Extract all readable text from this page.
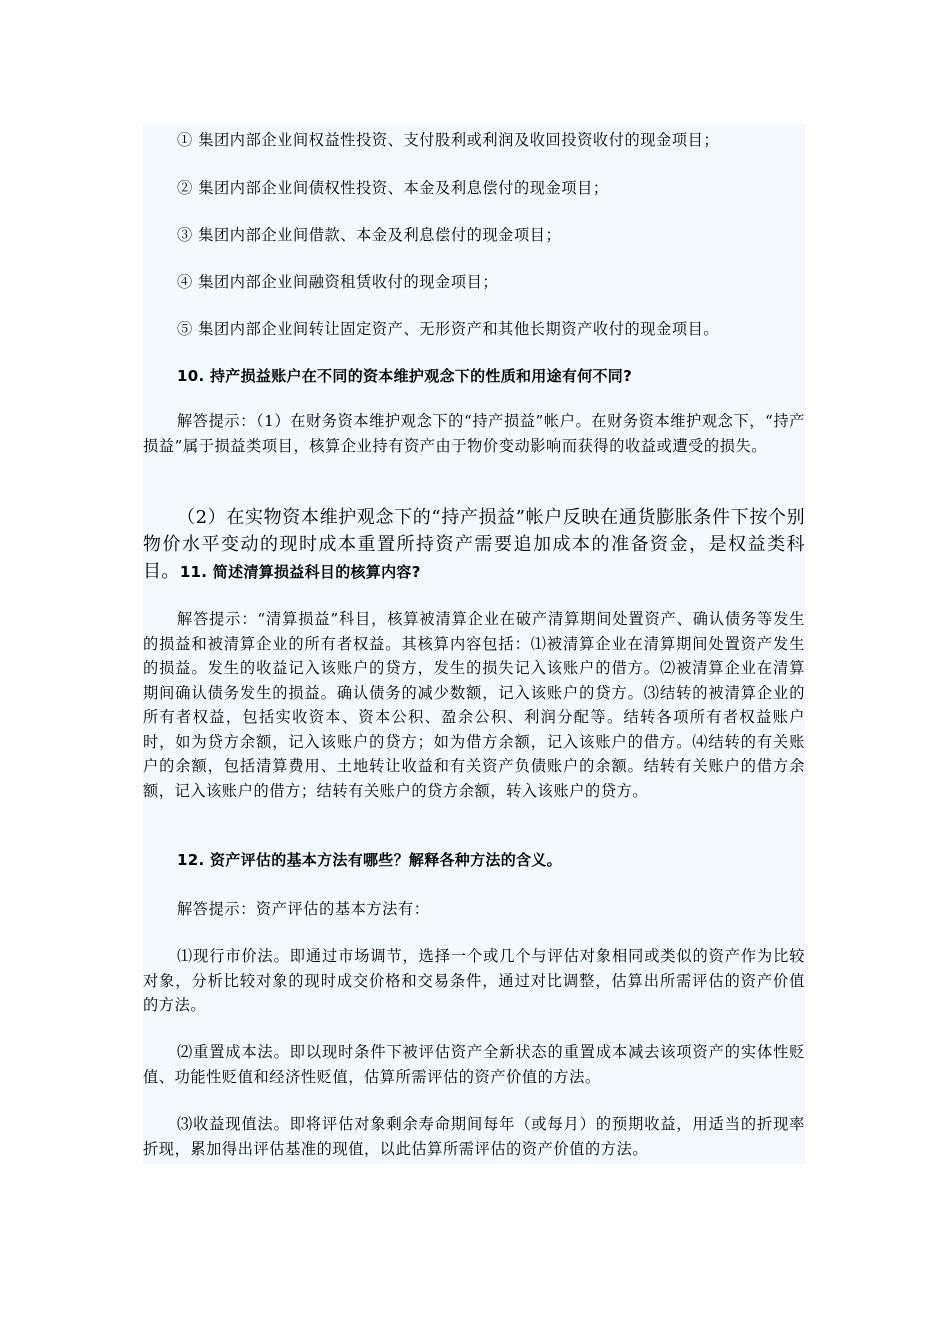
① 集团内部企业间权益性投资、支付股利或利润及收回投资收付的现金项目；

② 集团内部企业间债权性投资、本金及利息偿付的现金项目；

③ 集团内部企业间借款、本金及利息偿付的现金项目；

④ 集团内部企业间融资租赁收付的现金项目；

⑤ 集团内部企业间转让固定资产、无形资产和其他长期资产收付的现金项目。

10. 持产损益账户在不同的资本维护观念下的性质和用途有何不同?

解答提示：（1）在财务资本维护观念下的“持产损益”帐户。在财务资本维护观念下，“持产损益”属于损益类项目，核算企业持有资产由于物价变动影响而获得的收益或遭受的损失。

（2）在实物资本维护观念下的“持产损益”帐户反映在通货膨胀条件下按个别物价水平变动的现时成本重置所持资产需要追加成本的准备资金，是权益类科目。11. 简述清算损益科目的核算内容?

解答提示：“清算损益”科目，核算被清算企业在破产清算期间处置资产、确认债务等发生的损益和被清算企业的所有者权益。其核算内容包括：⑴被清算企业在清算期间处置资产发生的损益。发生的收益记入该账户的贷方，发生的损失记入该账户的借方。⑵被清算企业在清算期间确认债务发生的损益。确认债务的减少数额，记入该账户的贷方。⑶结转的被清算企业的所有者权益，包括实收资本、资本公积、盈余公积、利润分配等。结转各项所有者权益账户时，如为贷方余额，记入该账户的贷方；如为借方余额，记入该账户的借方。⑷结转的有关账户的余额，包括清算费用、土地转让收益和有关资产负债账户的余额。结转有关账户的借方余额，记入该账户的借方；结转有关账户的贷方余额，转入该账户的贷方。

12. 资产评估的基本方法有哪些？解释各种方法的含义。

解答提示：资产评估的基本方法有：

⑴现行市价法。即通过市场调节，选择一个或几个与评估对象相同或类似的资产作为比较对象，分析比较对象的现时成交价格和交易条件，通过对比调整，估算出所需评估的资产价值的方法。

⑵重置成本法。即以现时条件下被评估资产全新状态的重置成本减去该项资产的实体性贬值、功能性贬值和经济性贬值，估算所需评估的资产价值的方法。

⑶收益现值法。即将评估对象剩余寿命期间每年（或每月）的预期收益，用适当的折现率折现，累加得出评估基准的现值，以此估算所需评估的资产价值的方法。
